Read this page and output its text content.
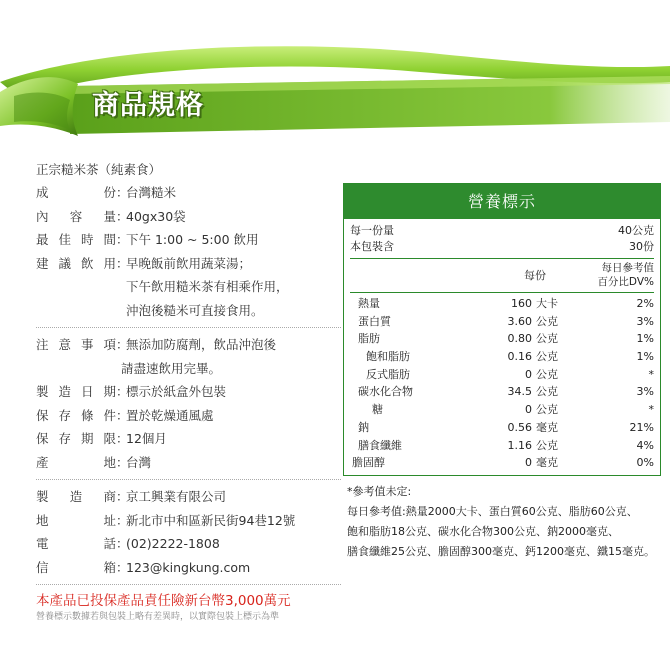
商品規格
正宗糙米茶（純素食）
成份 ：
台灣糙米
內容量 ：
40gx30袋
最佳時間 ：
下午 1:00 ~ 5:00 飲用
建議飲用 ：
早晚飯前飲用蔬菜湯；
下午飲用糙米茶有相乘作用，
沖泡後糙米可直接食用。
注意事項 ：
無添加防腐劑，飲品沖泡後
請盡速飲用完畢。
製造日期 ：
標示於紙盒外包裝
保存條件 ：
置於乾燥通風處
保存期限 ：
12個月
產地 ：
台灣
製造商 ：
京工興業有限公司
地址 ：
新北市中和區新民街94巷12號
電話 ：
(02)2222-1808
信箱 ：
123@kingkung.com
本產品已投保產品責任險新台幣3,000萬元
營養標示數據若與包裝上略有差異時，以實際包裝上標示為準
營養標示
每一份量	40公克
本包裝含	30份
每份
每日參考值
百分比DV%
熱量	160 大卡	2%
蛋白質	3.60 公克	3%
脂肪	0.80 公克	1%
飽和脂肪	0.16 公克	1%
反式脂肪	0 公克	*
碳水化合物	34.5 公克	3%
糖	0 公克	*
鈉	0.56 毫克	21%
膳食纖維	1.16 公克	4%
膽固醇	0 毫克	0%
*參考值未定:
每日參考值:熱量2000大卡、蛋白質60公克、脂肪60公克、
飽和脂肪18公克、碳水化合物300公克、鈉2000毫克、
膳食纖維25公克、膽固醇300毫克、鈣1200毫克、鐵15毫克。
